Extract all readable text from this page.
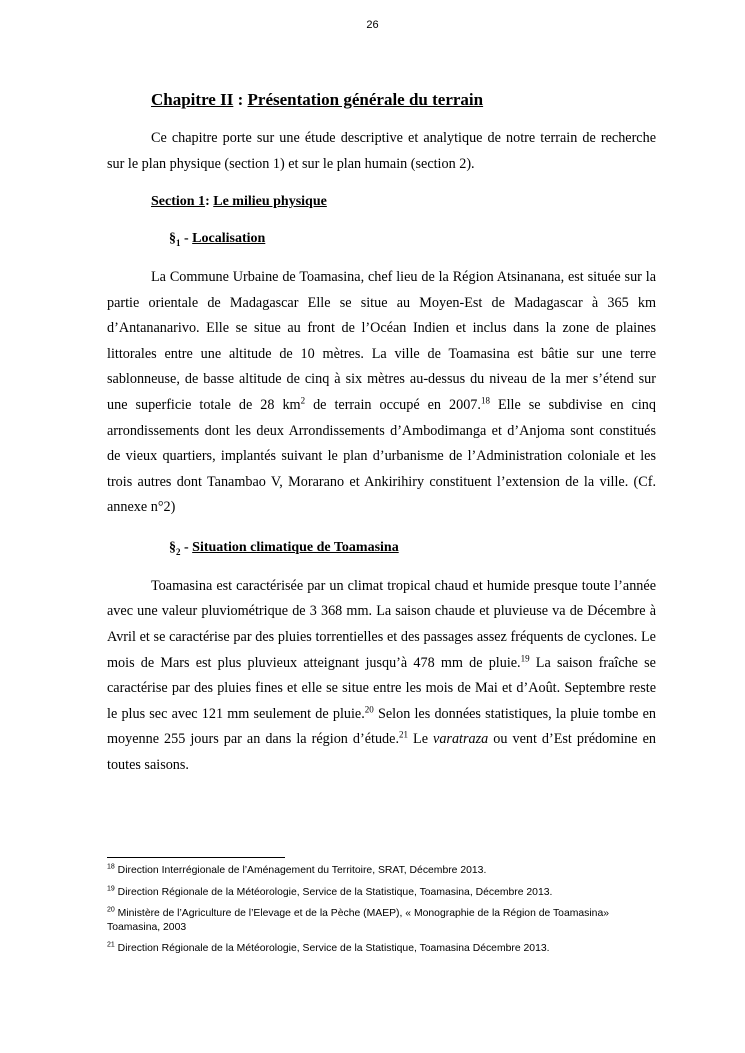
26
Chapitre II : Présentation générale du terrain

Ce chapitre porte sur une étude descriptive et analytique de notre terrain de recherche sur le plan physique (section 1) et sur le plan humain (section 2).

Section 1: Le milieu physique
$\S_1$ - Localisation

La Commune Urbaine de Toamasina, chef lieu de la Région Atsinanana, est située sur la partie orientale de Madagascar Elle se situe au Moyen-Est de Madagascar à 365 km d’Antananarivo. Elle se situe au front de l’Océan Indien et inclus dans la zone de plaines littorales entre une altitude de 10 mètres. La ville de Toamasina est bâtie sur une terre sablonneuse, de basse altitude de cinq à six mètres au-dessus du niveau de la mer s’étend sur une superficie totale de 28 $km^2$ de terrain occupé en 2007.18 Elle se subdivise en cinq arrondissements dont les deux Arrondissements d’Ambodimanga et d’Anjoma sont constitués de vieux quartiers, implantés suivant le plan d’urbanisme de l’Administration coloniale et les trois autres dont Tanambao V, Morarano et Ankirihiry constituent l’extension de la ville. (Cf. annexe n°2)

$\S_2$ - Situation climatique de Toamasina

Toamasina est caractérisée par un climat tropical chaud et humide presque toute l’année avec une valeur pluviométrique de 3 368 mm. La saison chaude et pluvieuse va de Décembre à Avril et se caractérise par des pluies torrentielles et des passages assez fréquents de cyclones. Le mois de Mars est plus pluvieux atteignant jusqu’à 478 mm de pluie.$^{19}$ La saison fraîche se caractérise par des pluies fines et elle se situe entre les mois de Mai et d’Août. Septembre reste le plus sec avec 121 mm seulement de pluie.$^{20}$ Selon les données statistiques, la pluie tombe en moyenne 255 jours par an dans la région d’étude.$^{21}$ Le varatraza ou vent d’Est prédomine en toutes saisons.

$^{18}$ Direction Interrégionale de l’Aménagement du Territoire, SRAT, Décembre 2013.
$^{19}$ Direction Régionale de la Météorologie, Service de la Statistique, Toamasina, Décembre 2013.
$^{20}$ Ministère de l’Agriculture de l’Elevage et de la Pèche (MAEP), « Monographie de la Région de Toamasina» Toamasina, 2003
$^{21}$ Direction Régionale de la Météorologie, Service de la Statistique, Toamasina Décembre 2013.
